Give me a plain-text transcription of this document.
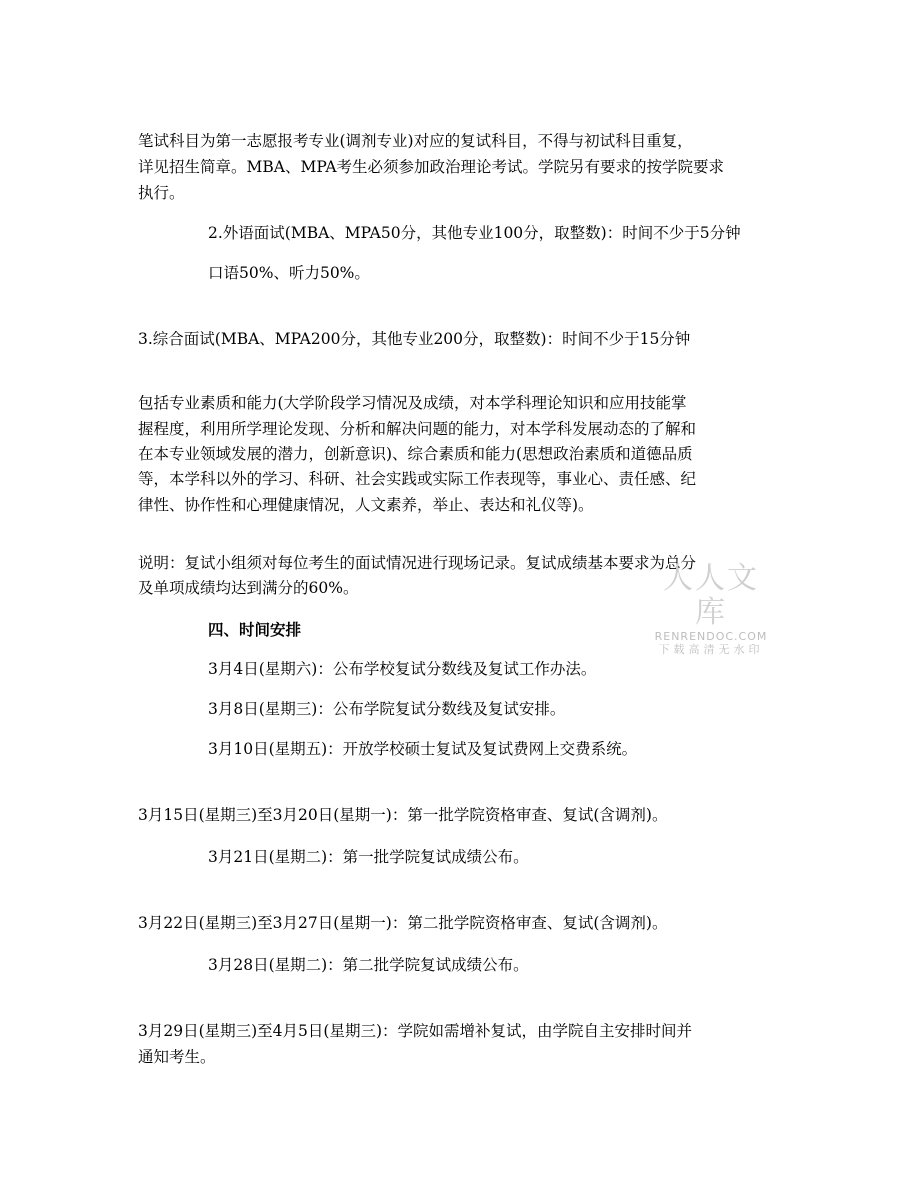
笔试科目为第一志愿报考专业(调剂专业)对应的复试科目，不得与初试科目重复，
详见招生简章。MBA、MPA考生必须参加政治理论考试。学院另有要求的按学院要求
执行。
2.外语面试(MBA、MPA50分，其他专业100分，取整数)：时间不少于5分钟
口语50%、听力50%。
3.综合面试(MBA、MPA200分，其他专业200分，取整数)：时间不少于15分钟
包括专业素质和能力(大学阶段学习情况及成绩，对本学科理论知识和应用技能掌
握程度，利用所学理论发现、分析和解决问题的能力，对本学科发展动态的了解和
在本专业领域发展的潜力，创新意识)、综合素质和能力(思想政治素质和道德品质
等，本学科以外的学习、科研、社会实践或实际工作表现等，事业心、责任感、纪
律性、协作性和心理健康情况，人文素养，举止、表达和礼仪等)。
说明：复试小组须对每位考生的面试情况进行现场记录。复试成绩基本要求为总分
及单项成绩均达到满分的60%。
四、时间安排
3月4日(星期六)：公布学校复试分数线及复试工作办法。
3月8日(星期三)：公布学院复试分数线及复试安排。
3月10日(星期五)：开放学校硕士复试及复试费网上交费系统。
3月15日(星期三)至3月20日(星期一)：第一批学院资格审查、复试(含调剂)。
3月21日(星期二)：第一批学院复试成绩公布。
3月22日(星期三)至3月27日(星期一)：第二批学院资格审查、复试(含调剂)。
3月28日(星期二)：第二批学院复试成绩公布。
3月29日(星期三)至4月5日(星期三)：学院如需增补复试，由学院自主安排时间并
通知考生。
人人文库
RENRENDOC.COM
下载高清无水印
